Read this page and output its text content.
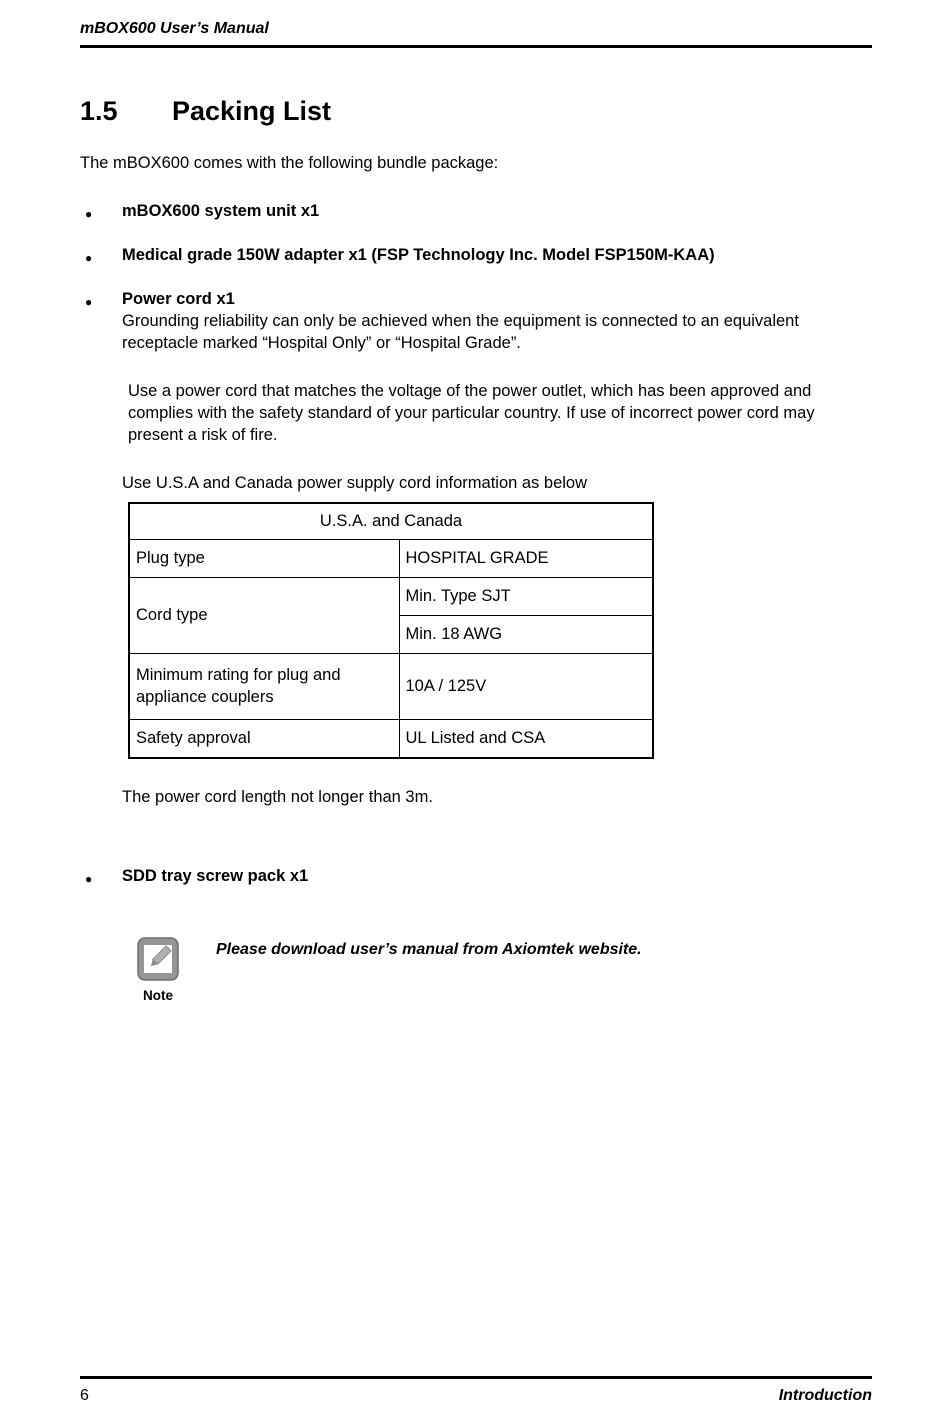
mBOX600 User’s Manual
1.5	Packing List

The mBOX600 comes with the following bundle package:

● mBOX600 system unit x1
● Medical grade 150W adapter x1 (FSP Technology Inc. Model FSP150M-KAA)
● Power cord x1
Grounding reliability can only be achieved when the equipment is connected to an equivalent receptacle marked “Hospital Only” or “Hospital Grade”.

Use a power cord that matches the voltage of the power outlet, which has been approved and complies with the safety standard of your particular country. If use of incorrect power cord may present a risk of fire.

Use U.S.A and Canada power supply cord information as below

U.S.A. and Canada	
Plug type	HOSPITAL GRADE
Cord type	Min. Type SJT
	Min. 18 AWG
Minimum rating for plug and appliance couplers	10A / 125V
Safety approval	UL Listed and CSA

The power cord length not longer than 3m.

● SDD tray screw pack x1
Note
Please download user’s manual from Axiomtek website.
6	Introduction
